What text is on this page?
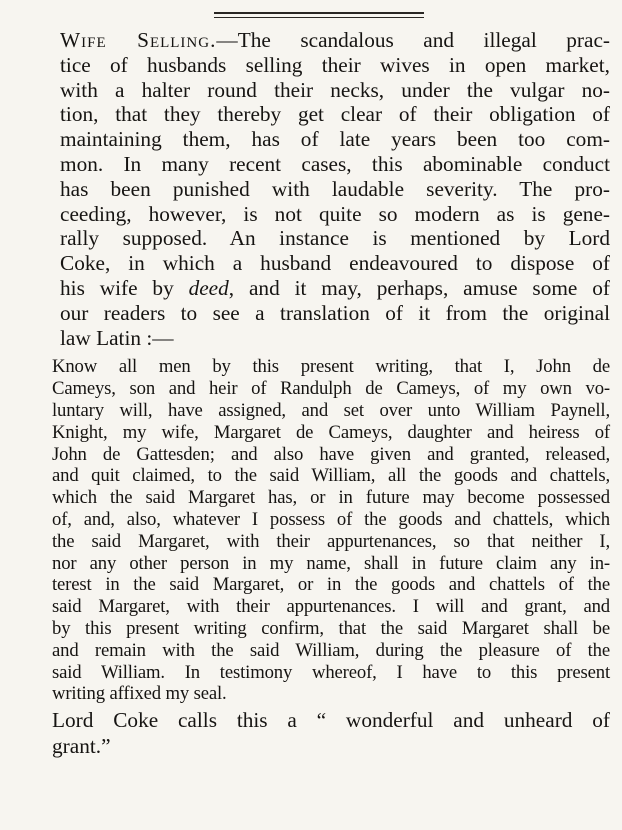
Wife Selling.—The scandalous and illegal prac-
tice of husbands selling their wives in open market,
with a halter round their necks, under the vulgar no-
tion, that they thereby get clear of their obligation of
maintaining them, has of late years been too com-
mon. In many recent cases, this abominable conduct
has been punished with laudable severity. The pro-
ceeding, however, is not quite so modern as is gene-
rally supposed. An instance is mentioned by Lord
Coke, in which a husband endeavoured to dispose of
his wife by deed, and it may, perhaps, amuse some of
our readers to see a translation of it from the original
law Latin :—

Know all men by this present writing, that I, John de
Cameys, son and heir of Randulph de Cameys, of my own vo-
luntary will, have assigned, and set over unto William Paynell,
Knight, my wife, Margaret de Cameys, daughter and heiress of
John de Gattesden; and also have given and granted, released,
and quit claimed, to the said William, all the goods and chattels,
which the said Margaret has, or in future may become possessed
of, and, also, whatever I possess of the goods and chattels, which
the said Margaret, with their appurtenances, so that neither I,
nor any other person in my name, shall in future claim any in-
terest in the said Margaret, or in the goods and chattels of the
said Margaret, with their appurtenances. I will and grant, and
by this present writing confirm, that the said Margaret shall be
and remain with the said William, during the pleasure of the
said William. In testimony whereof, I have to this present
writing affixed my seal.

Lord Coke calls this a “ wonderful and unheard of
grant.”
